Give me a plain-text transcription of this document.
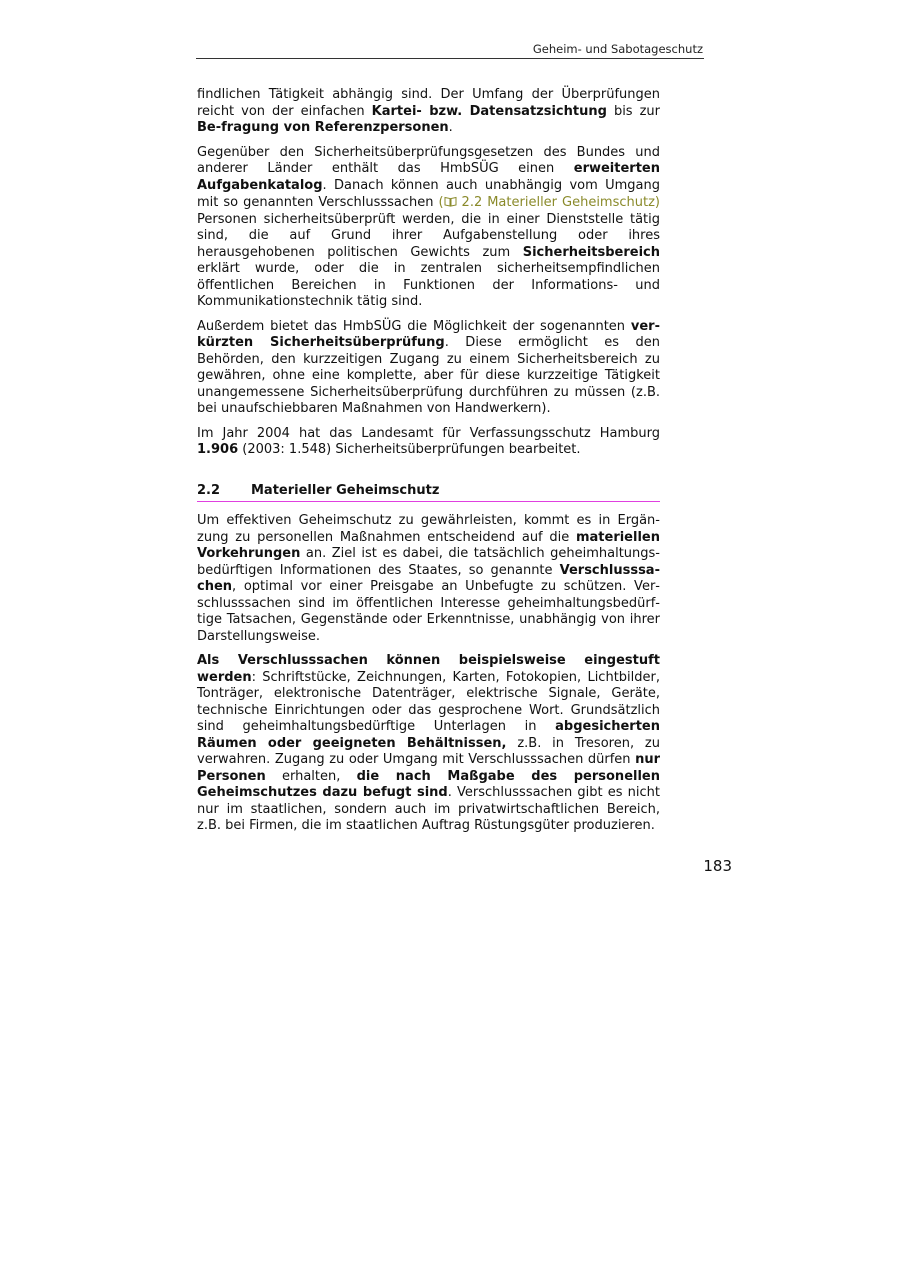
Geheim- und Sabotageschutz

findlichen Tätigkeit abhängig sind. Der Umfang der Überprüfungen reicht von der einfachen Kartei- bzw. Datensatzsichtung bis zur Be-fragung von Referenzpersonen.

Gegenüber den Sicherheitsüberprüfungsgesetzen des Bundes und anderer Länder enthält das HmbSÜG einen erweiterten Aufgabenkatalog. Danach können auch unabhängig vom Umgang mit so genannten Verschlusssachen ( 2.2 Materieller Geheimschutz) Personen sicherheitsüberprüft werden, die in einer Dienststelle tätig sind, die auf Grund ihrer Aufgabenstellung oder ihres herausgehobenen politischen Gewichts zum Sicherheitsbereich erklärt wurde, oder die in zentralen sicherheitsempfindlichen öffentlichen Bereichen in Funktionen der Informations- und Kommunikationstechnik tätig sind.

Außerdem bietet das HmbSÜG die Möglichkeit der sogenannten verkürzten Sicherheitsüberprüfung. Diese ermöglicht es den Behörden, den kurzzeitigen Zugang zu einem Sicherheitsbereich zu gewähren, ohne eine komplette, aber für diese kurzzeitige Tätigkeit unangemessene Sicherheitsüberprüfung durchführen zu müssen (z.B. bei unaufschiebbaren Maßnahmen von Handwerkern).

Im Jahr 2004 hat das Landesamt für Verfassungsschutz Hamburg 1.906 (2003: 1.548) Sicherheitsüberprüfungen bearbeitet.

2.2	Materieller Geheimschutz

Um effektiven Geheimschutz zu gewährleisten, kommt es in Ergänzung zu personellen Maßnahmen entscheidend auf die materiellen Vorkehrungen an. Ziel ist es dabei, die tatsächlich geheimhaltungsbedürftigen Informationen des Staates, so genannte Verschlusssachen, optimal vor einer Preisgabe an Unbefugte zu schützen. Verschlusssachen sind im öffentlichen Interesse geheimhaltungsbedürftige Tatsachen, Gegenstände oder Erkenntnisse, unabhängig von ihrer Darstellungsweise.

Als Verschlusssachen können beispielsweise eingestuft werden: Schriftstücke, Zeichnungen, Karten, Fotokopien, Lichtbilder, Tonträger, elektronische Datenträger, elektrische Signale, Geräte, technische Einrichtungen oder das gesprochene Wort. Grundsätzlich sind geheimhaltungsbedürftige Unterlagen in abgesicherten Räumen oder geeigneten Behältnissen, z.B. in Tresoren, zu verwahren. Zugang zu oder Umgang mit Verschlusssachen dürfen nur Personen erhalten, die nach Maßgabe des personellen Geheimschutzes dazu befugt sind. Verschlusssachen gibt es nicht nur im staatlichen, sondern auch im privatwirtschaftlichen Bereich, z.B. bei Firmen, die im staatlichen Auftrag Rüstungsgüter produzieren.

183
